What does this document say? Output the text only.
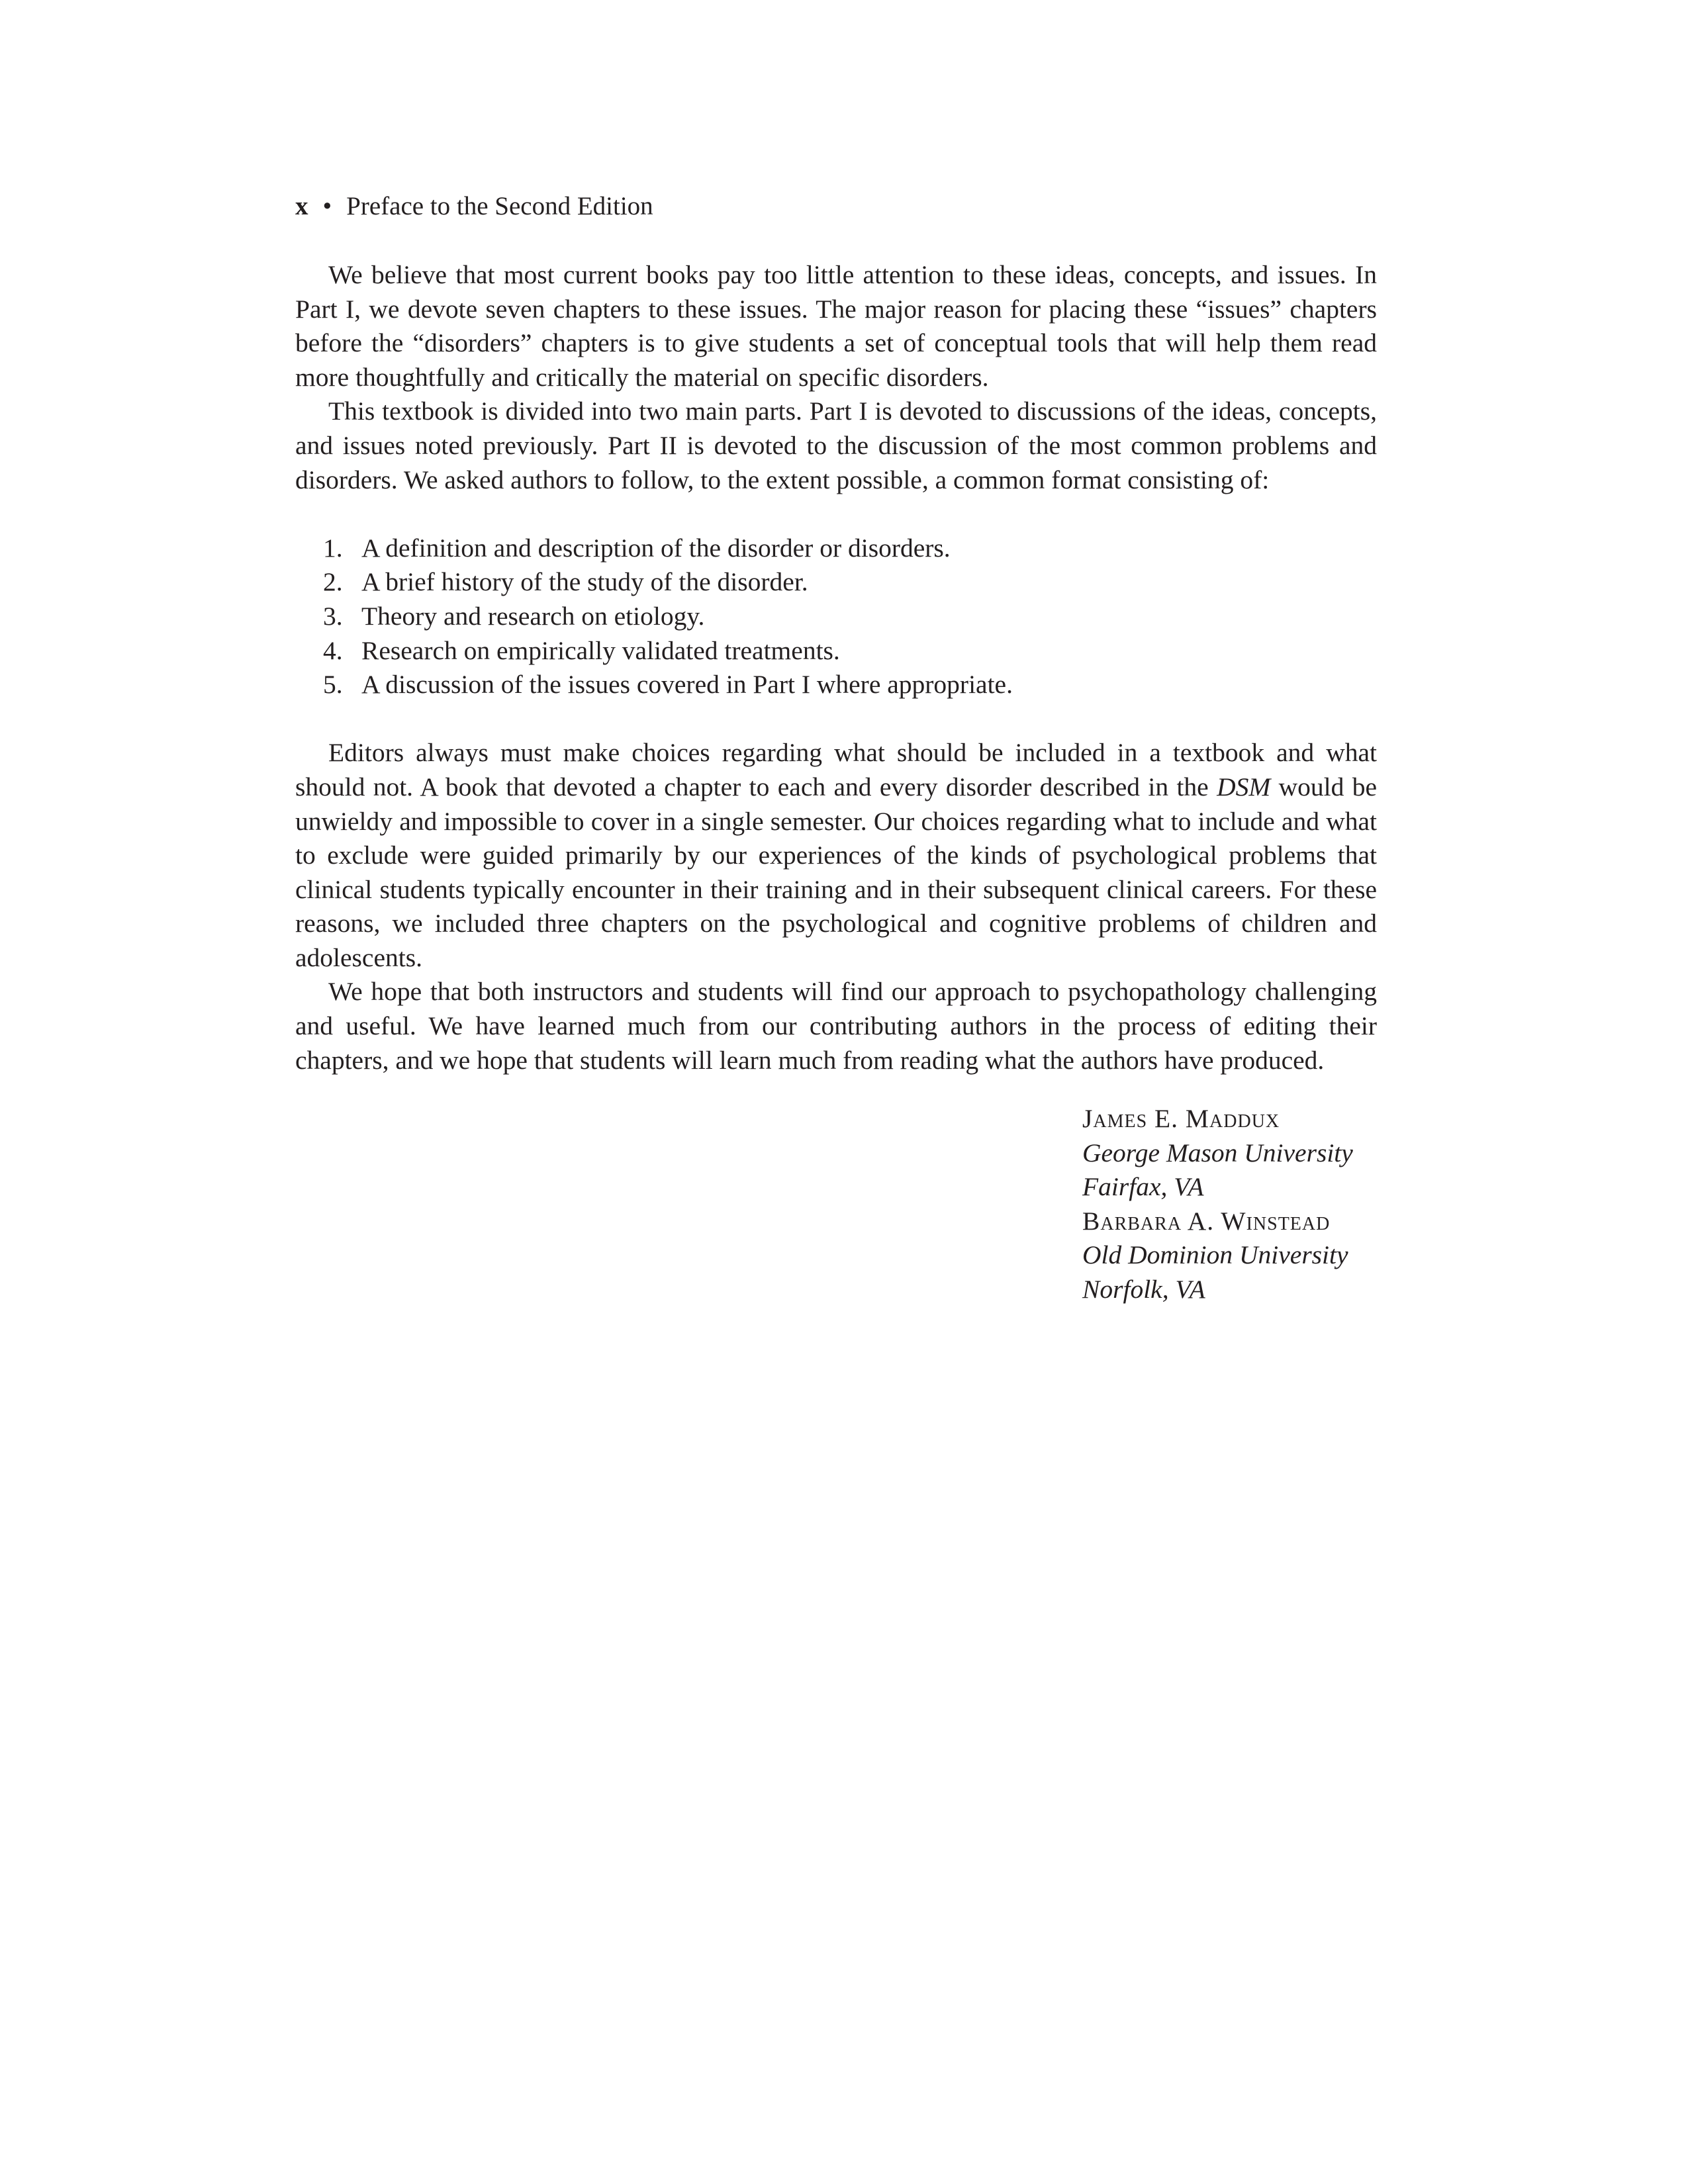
x • Preface to the Second Edition

We believe that most current books pay too little attention to these ideas, concepts, and issues. In Part I, we devote seven chapters to these issues. The major reason for placing these “issues” chapters before the “disorders” chapters is to give students a set of conceptual tools that will help them read more thoughtfully and critically the material on specific disorders.

This textbook is divided into two main parts. Part I is devoted to discussions of the ideas, concepts, and issues noted previously. Part II is devoted to the discussion of the most common problems and disorders. We asked authors to follow, to the extent possible, a common format consisting of:

1. A definition and description of the disorder or disorders.
2. A brief history of the study of the disorder.
3. Theory and research on etiology.
4. Research on empirically validated treatments.
5. A discussion of the issues covered in Part I where appropriate.

Editors always must make choices regarding what should be included in a textbook and what should not. A book that devoted a chapter to each and every disorder described in the DSM would be unwieldy and impossible to cover in a single semester. Our choices regarding what to include and what to exclude were guided primarily by our experiences of the kinds of psychological problems that clinical students typically encounter in their training and in their subsequent clinical careers. For these reasons, we included three chapters on the psychological and cognitive problems of children and adolescents.

We hope that both instructors and students will find our approach to psychopathology challenging and useful. We have learned much from our contributing authors in the process of editing their chapters, and we hope that students will learn much from reading what the authors have produced.

James E. Maddux
George Mason University
Fairfax, VA
Barbara A. Winstead
Old Dominion University
Norfolk, VA
